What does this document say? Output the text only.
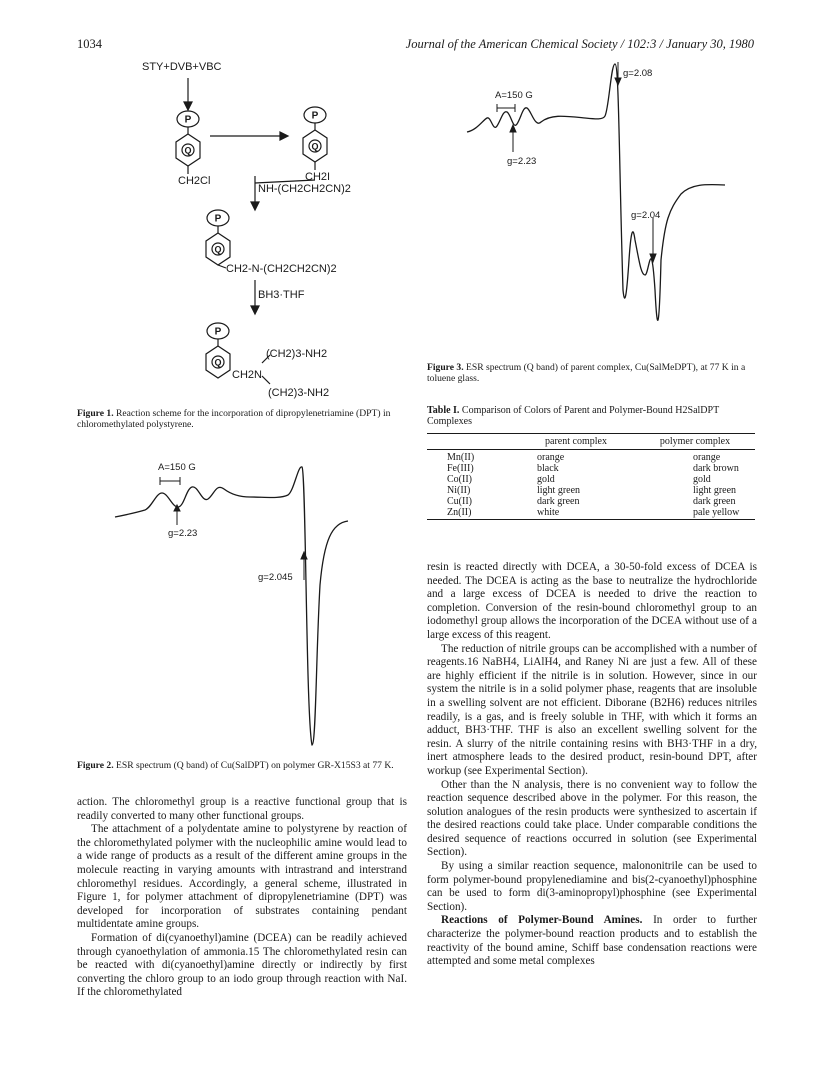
1034	Journal of the American Chemical Society / 102:3 / January 30, 1980
P
Q
P
Q
P
Q
P
Q
STY+DVB+VBC
CH2Cl	CH2I
NH-(CH2CH2CN)2
CH2-N-(CH2CH2CN)2
BH3·THF
(CH2)3-NH2
CH2N
(CH2)3-NH2
Figure 1. Reaction scheme for the incorporation of dipropylenetriamine (DPT) in chloromethylated polystyrene.
A=150 G
g=2.23
g=2.045
Figure 2. ESR spectrum (Q band) of Cu(SalDPT) on polymer GR-X15S3 at 77 K.

action. The chloromethyl group is a reactive functional group that is readily converted to many other functional groups.

The attachment of a polydentate amine to polystyrene by reaction of the chloromethylated polymer with the nucleophilic amine would lead to a wide range of products as a result of the different amine groups in the molecule reacting in varying amounts with intrastrand and interstrand chloromethyl residues. Accordingly, a general scheme, illustrated in Figure 1, for polymer attachment of dipropylenetriamine (DPT) was developed for incorporation of substrates containing pendant multidentate amine groups.

Formation of di(cyanoethyl)amine (DCEA) can be readily achieved through cyanoethylation of ammonia.15 The chloromethylated resin can be reacted with di(cyanoethyl)amine directly or indirectly by first converting the chloro group to an iodo group through reaction with NaI. If the chloromethylated

A=150 G
g=2.23
g=2.08
g=2.04
Figure 3. ESR spectrum (Q band) of parent complex, Cu(SalMeDPT), at 77 K in a toluene glass.
Table I. Comparison of Colors of Parent and Polymer-Bound H2SalDPT Complexes
	parent complex	polymer complex
Mn(II)	orange	orange
Fe(III)	black	dark brown
Co(II)	gold	gold
Ni(II)	light green	light green
Cu(II)	dark green	dark green
Zn(II)	white	pale yellow

resin is reacted directly with DCEA, a 30-50-fold excess of DCEA is needed. The DCEA is acting as the base to neutralize the hydrochloride and a large excess of DCEA is needed to drive the reaction to completion. Conversion of the resin-bound chloromethyl group to an iodomethyl group allows the incorporation of the DCEA without use of a large excess of this reagent.

The reduction of nitrile groups can be accomplished with a number of reagents.16 NaBH4, LiAlH4, and Raney Ni are just a few. All of these are highly efficient if the nitrile is in solution. However, since in our system the nitrile is in a solid polymer phase, reagents that are insoluble in a swelling solvent are not efficient. Diborane (B2H6) reduces nitriles readily, is a gas, and is freely soluble in THF, with which it forms an adduct, BH3·THF. THF is also an excellent swelling solvent for the resin. A slurry of the nitrile containing resins with BH3·THF in a dry, inert atmosphere leads to the desired product, resin-bound DPT, after workup (see Experimental Section).

Other than the N analysis, there is no convenient way to follow the reaction sequence described above in the polymer. For this reason, the solution analogues of the resin products were synthesized to ascertain if the desired reactions could take place. Under comparable conditions the desired sequence of reactions occurred in solution (see Experimental Section).

By using a similar reaction sequence, malononitrile can be used to form polymer-bound propylenediamine and bis(2-cyanoethyl)phosphine can be used to form di(3-aminopropyl)phosphine (see Experimental Section).

Reactions of Polymer-Bound Amines. In order to further characterize the polymer-bound reaction products and to establish the reactivity of the bound amine, Schiff base condensation reactions were attempted and some metal complexes
